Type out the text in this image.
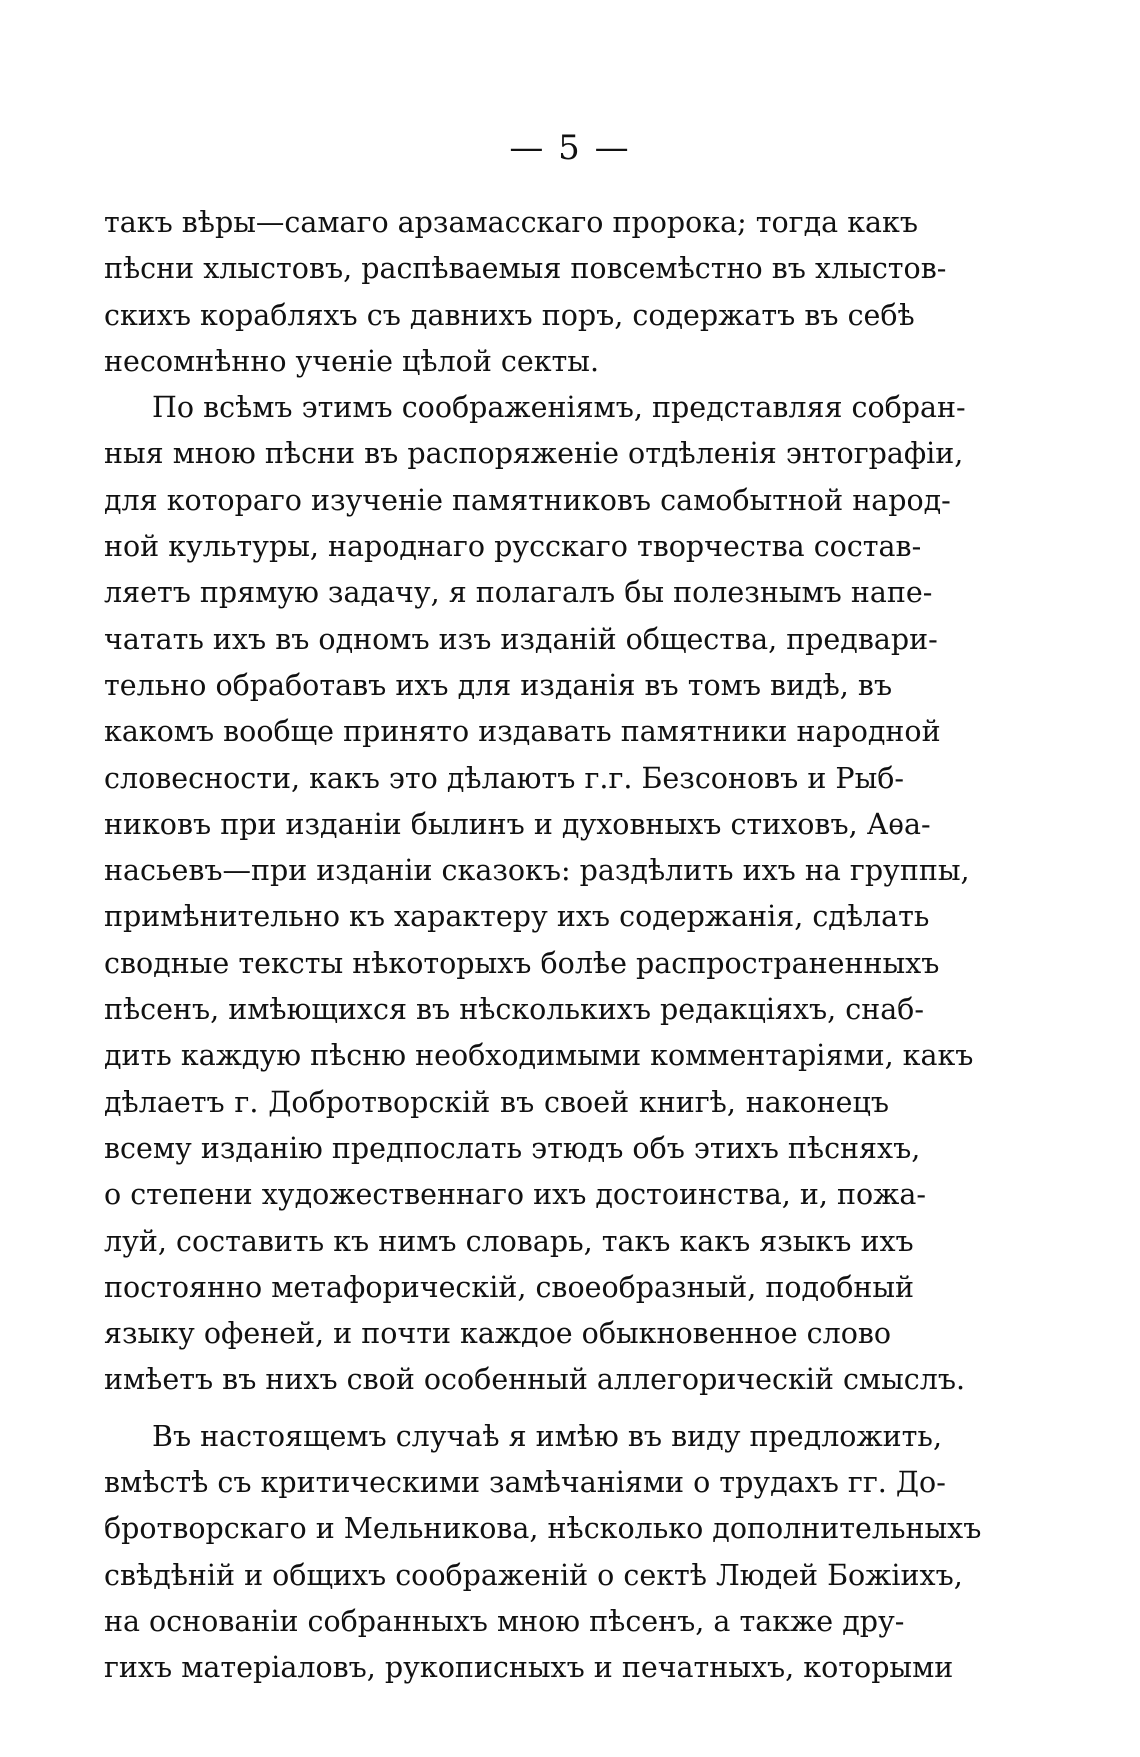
— 5 —
такъ вѣры—самаго арзамасскаго пророка; тогда какъ
пѣсни хлыстовъ, распѣваемыя повсемѣстно въ хлыстов-
скихъ корабляхъ съ давнихъ поръ, содержатъ въ себѣ
несомнѣнно ученіе цѣлой секты.
По всѣмъ этимъ соображеніямъ, представляя собран-
ныя мною пѣсни въ распоряженіе отдѣленія энтографіи,
для котораго изученіе памятниковъ самобытной народ-
ной культуры, народнаго русскаго творчества состав-
ляетъ прямую задачу, я полагалъ бы полезнымъ напе-
чатать ихъ въ одномъ изъ изданій общества, предвари-
тельно обработавъ ихъ для изданія въ томъ видѣ, въ
какомъ вообще принято издавать памятники народной
словесности, какъ это дѣлаютъ г.г. Безсоновъ и Рыб-
никовъ при изданіи былинъ и духовныхъ стиховъ, Аѳа-
насьевъ—при изданіи сказокъ: раздѣлить ихъ на группы,
примѣнительно къ характеру ихъ содержанія, сдѣлать
сводные тексты нѣкоторыхъ болѣе распространенныхъ
пѣсенъ, имѣющихся въ нѣсколькихъ редакціяхъ, снаб-
дить каждую пѣсню необходимыми комментаріями, какъ
дѣлаетъ г. Добротворскій въ своей книгѣ, наконецъ
всему изданію предпослать этюдъ объ этихъ пѣсняхъ,
о степени художественнаго ихъ достоинства, и, пожа-
луй, составить къ нимъ словарь, такъ какъ языкъ ихъ
постоянно метафорическій, своеобразный, подобный
языку офеней, и почти каждое обыкновенное слово
имѣетъ въ нихъ свой особенный аллегорическій смыслъ.
Въ настоящемъ случаѣ я имѣю въ виду предложить,
вмѣстѣ съ критическими замѣчаніями о трудахъ гг. До-
бротворскаго и Мельникова, нѣсколько дополнительныхъ
свѣдѣній и общихъ соображеній о сектѣ Людей Божіихъ,
на основаніи собранныхъ мною пѣсенъ, а также дру-
гихъ матеріаловъ, рукописныхъ и печатныхъ, которыми
